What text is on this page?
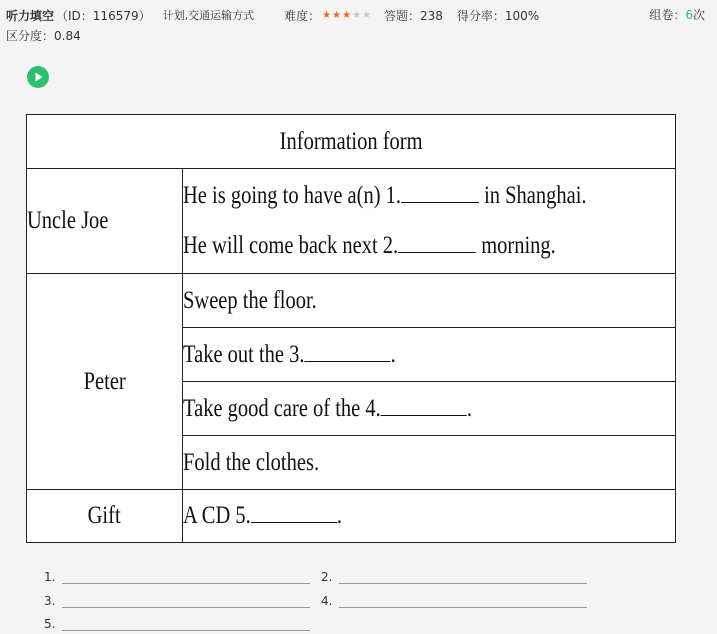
听力填空 （ID：116579） 计划,交通运输方式	难度： ★★★★★ 答题：238 得分率：100%	组卷：6次
区分度：0.84
Information form	
Uncle Joe	He is going to have a(n) 1. in Shanghai.
He will come back next 2. morning.

Peter	Sweep the floor.
	Take out the 3. .
	Take good care of the 4. .
	Fold the clothes.
Gift	A CD 5. .
1.	2.
3.	4.
5.
